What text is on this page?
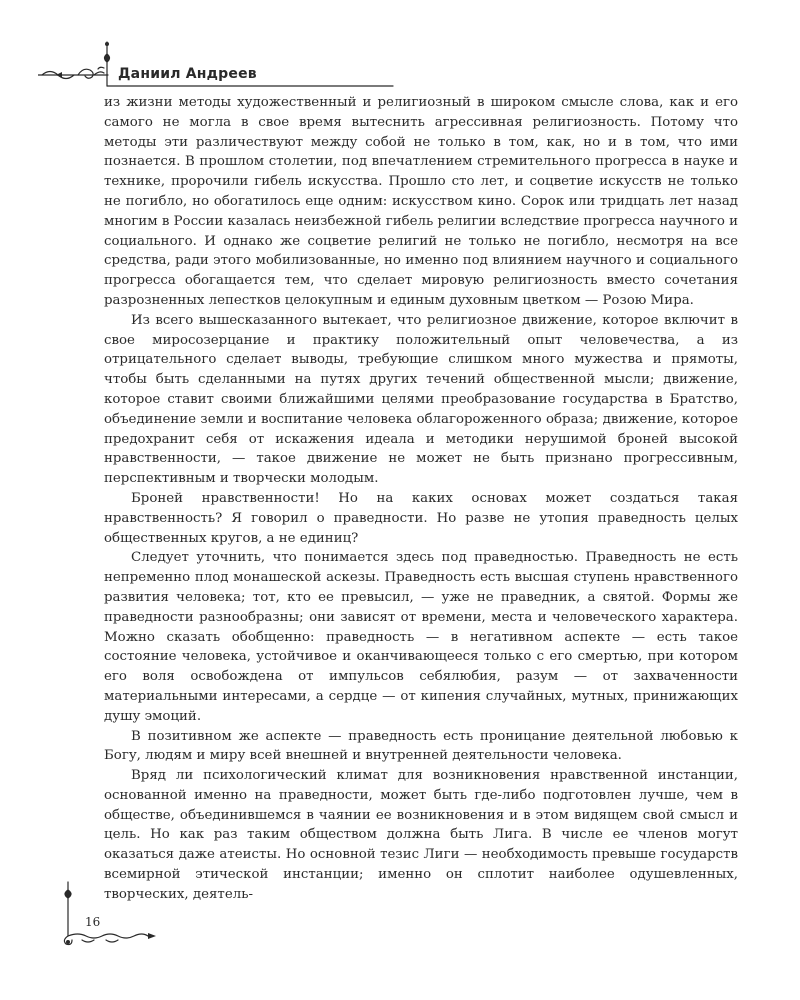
Даниил Андреев

из жизни методы художественный и религиозный в широком смысле слова, как и его самого не могла в свое время вытеснить агрессивная религиозность. Потому что методы эти различествуют между собой не только в том, как, но и в том, что ими познается. В прошлом столетии, под впечатлением стремительного прогресса в науке и технике, пророчили гибель искусства. Прошло сто лет, и соцветие искусств не только не погибло, но обогатилось еще одним: искусством кино. Сорок или тридцать лет назад многим в России казалась неизбежной гибель религии вследствие прогресса научного и социального. И однако же соцветие религий не только не погибло, несмотря на все средства, ради этого мобилизованные, но именно под влиянием научного и социального прогресса обогащается тем, что сделает мировую религиозность вместо сочетания разрозненных лепестков целокупным и единым духовным цветком — Розою Мира.

Из всего вышесказанного вытекает, что религиозное движение, которое включит в свое миросозерцание и практику положительный опыт человечества, а из отрицательного сделает выводы, требующие слишком много мужества и прямоты, чтобы быть сделанными на путях других течений общественной мысли; движение, которое ставит своими ближайшими целями преобразование государства в Братство, объединение земли и воспитание человека облагороженного образа; движение, которое предохранит себя от искажения идеала и методики нерушимой броней высокой нравственности, — такое движение не может не быть признано прогрессивным, перспективным и творчески молодым.

Броней нравственности! Но на каких основах может создаться такая нравственность? Я говорил о праведности. Но разве не утопия праведность целых общественных кругов, а не единиц?

Следует уточнить, что понимается здесь под праведностью. Праведность не есть непременно плод монашеской аскезы. Праведность есть высшая ступень нравственного развития человека; тот, кто ее превысил, — уже не праведник, а святой. Формы же праведности разнообразны; они зависят от времени, места и человеческого характера. Можно сказать обобщенно: праведность — в негативном аспекте — есть такое состояние человека, устойчивое и оканчивающееся только с его смертью, при котором его воля освобождена от импульсов себялюбия, разум — от захваченности материальными интересами, а сердце — от кипения случайных, мутных, принижающих душу эмоций.

В позитивном же аспекте — праведность есть проницание деятельной любовью к Богу, людям и миру всей внешней и внутренней деятельности человека.

Вряд ли психологический климат для возникновения нравственной инстанции, основанной именно на праведности, может быть где-либо подготовлен лучше, чем в обществе, объединившемся в чаянии ее возникновения и в этом видящем свой смысл и цель. Но как раз таким обществом должна быть Лига. В числе ее членов могут оказаться даже атеисты. Но основной тезис Лиги — необходимость превыше государств всемирной этической инстанции; именно он сплотит наиболее одушевленных, творческих, деятель-

16
